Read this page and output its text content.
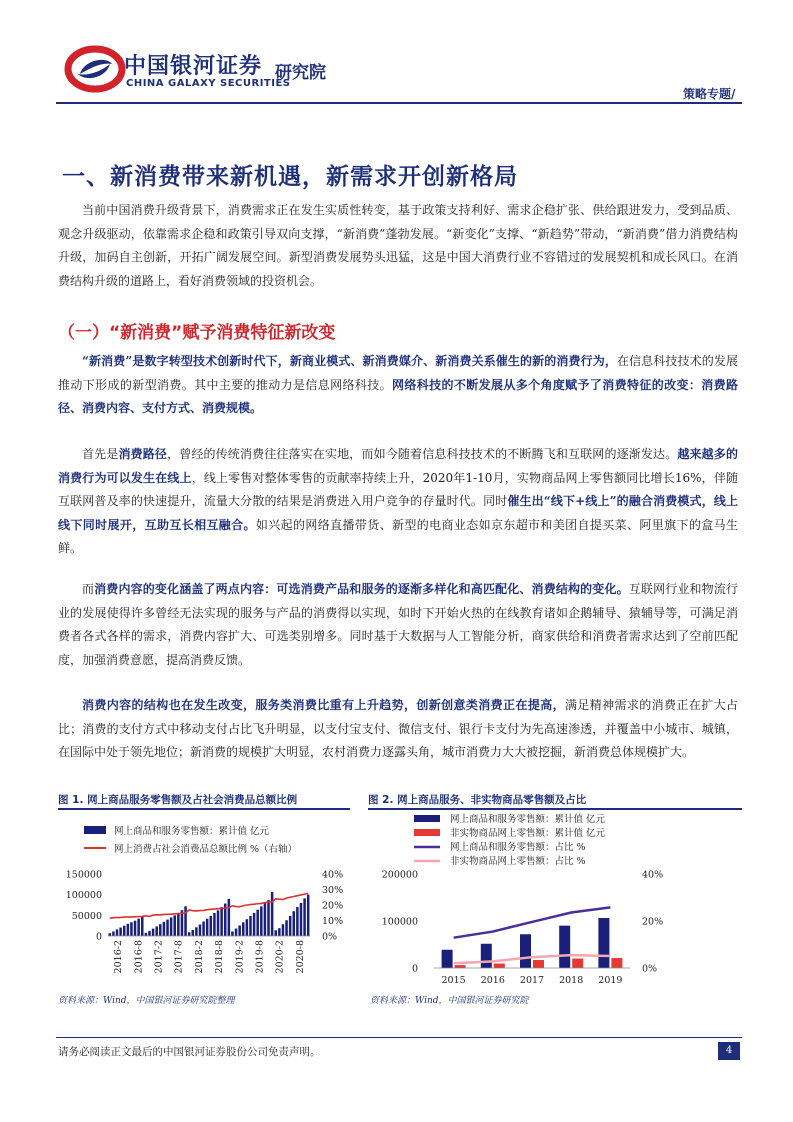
中国银河证券
CHINA GALAXY SECURITIES
研究院
策略专题/
一、新消费带来新机遇，新需求开创新格局

当前中国消费升级背景下，消费需求正在发生实质性转变，基于政策支持利好、需求企稳扩张、供给跟进发力，受到品质、观念升级驱动，依靠需求企稳和政策引导双向支撑，“新消费”蓬勃发展。“新变化”支撑、“新趋势”带动，“新消费”借力消费结构升级，加码自主创新，开拓广阔发展空间。新型消费发展势头迅猛，这是中国大消费行业不容错过的发展契机和成长风口。在消费结构升级的道路上，看好消费领域的投资机会。

（一）“新消费”赋予消费特征新改变

“新消费”是数字转型技术创新时代下，新商业模式、新消费媒介、新消费关系催生的新的消费行为，在信息科技技术的发展推动下形成的新型消费。其中主要的推动力是信息网络科技。网络科技的不断发展从多个角度赋予了消费特征的改变：消费路径、消费内容、支付方式、消费规模。

首先是消费路径，曾经的传统消费往往落实在实地，而如今随着信息科技技术的不断腾飞和互联网的逐渐发达。越来越多的消费行为可以发生在线上，线上零售对整体零售的贡献率持续上升，2020年1-10月，实物商品网上零售额同比增长16%，伴随互联网普及率的快速提升，流量大分散的结果是消费进入用户竞争的存量时代。同时催生出“线下+线上”的融合消费模式，线上线下同时展开，互助互长相互融合。如兴起的网络直播带货、新型的电商业态如京东超市和美团自提买菜、阿里旗下的盒马生鲜。

而消费内容的变化涵盖了两点内容：可选消费产品和服务的逐渐多样化和高匹配化、消费结构的变化。互联网行业和物流行业的发展使得许多曾经无法实现的服务与产品的消费得以实现，如时下开始火热的在线教育诸如企鹅辅导、猿辅导等，可满足消费者各式各样的需求，消费内容扩大、可选类别增多。同时基于大数据与人工智能分析，商家供给和消费者需求达到了空前匹配度，加强消费意愿，提高消费反馈。

消费内容的结构也在发生改变，服务类消费比重有上升趋势，创新创意类消费正在提高，满足精神需求的消费正在扩大占比；消费的支付方式中移动支付占比飞升明显，以支付宝支付、微信支付、银行卡支付为先高速渗透，并覆盖中小城市、城镇，在国际中处于领先地位；新消费的规模扩大明显，农村消费力逐露头角，城市消费力大大被挖掘，新消费总体规模扩大。

图 1. 网上商品服务零售额及占社会消费品总额比例
网上商品和服务零售额：累计值 亿元
网上消费占社会消费品总额比例 %（右轴）
150000
100000
50000
0
40%
30%
20%
10%
0%
2016-2 2016-8 2017-2 2017-8 2018-2 2018-8 2019-2 2019-8 2020-2 2020-8
资料来源：Wind，中国银河证券研究院整理
图 2. 网上商品服务、非实物商品零售额及占比
网上商品和服务零售额：累计值 亿元
非实物商品网上零售额：累计值 亿元
网上商品和服务零售额：占比 %
非实物商品网上零售额：占比 %
2015 2016 2017 2018 2019
200000
100000
0
40%
20%
0%
资料来源：Wind，中国银河证券研究院
请务必阅读正文最后的中国银河证券股份公司免责声明。	4
